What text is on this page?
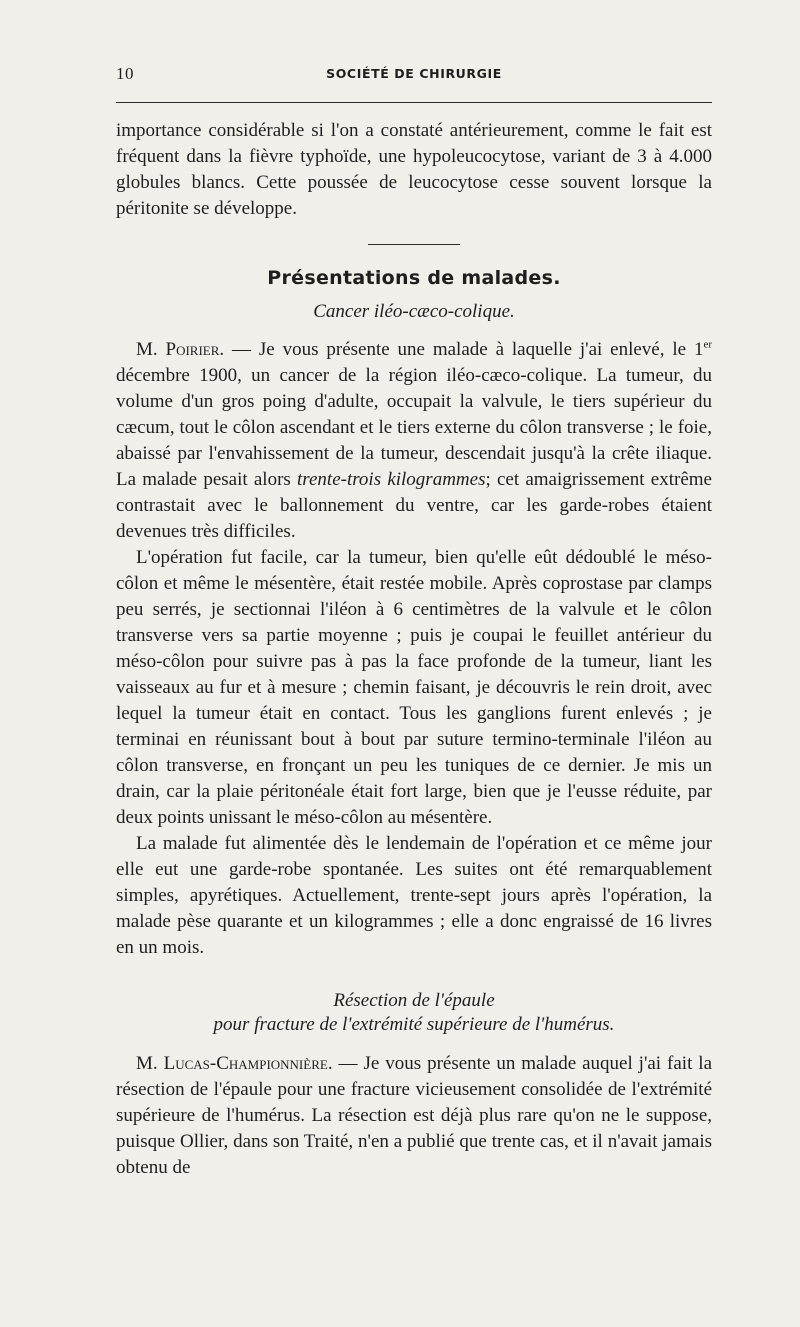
10	SOCIÉTÉ DE CHIRURGIE

importance considérable si l'on a constaté antérieurement, comme le fait est fréquent dans la fièvre typhoïde, une hypoleucocytose, variant de 3 à 4.000 globules blancs. Cette poussée de leucocytose cesse souvent lorsque la péritonite se développe.

Présentations de malades.
Cancer iléo-cæco-colique.

M. Poirier. — Je vous présente une malade à laquelle j'ai enlevé, le 1er décembre 1900, un cancer de la région iléo-cæco-colique. La tumeur, du volume d'un gros poing d'adulte, occupait la valvule, le tiers supérieur du cæcum, tout le côlon ascendant et le tiers externe du côlon transverse ; le foie, abaissé par l'envahissement de la tumeur, descendait jusqu'à la crête iliaque. La malade pesait alors trente-trois kilogrammes; cet amaigrissement extrême contrastait avec le ballonnement du ventre, car les garde-robes étaient devenues très difficiles.

L'opération fut facile, car la tumeur, bien qu'elle eût dédoublé le méso-côlon et même le mésentère, était restée mobile. Après coprostase par clamps peu serrés, je sectionnai l'iléon à 6 centimètres de la valvule et le côlon transverse vers sa partie moyenne ; puis je coupai le feuillet antérieur du méso-côlon pour suivre pas à pas la face profonde de la tumeur, liant les vaisseaux au fur et à mesure ; chemin faisant, je découvris le rein droit, avec lequel la tumeur était en contact. Tous les ganglions furent enlevés ; je terminai en réunissant bout à bout par suture termino-terminale l'iléon au côlon transverse, en fronçant un peu les tuniques de ce dernier. Je mis un drain, car la plaie péritonéale était fort large, bien que je l'eusse réduite, par deux points unissant le méso-côlon au mésentère.

La malade fut alimentée dès le lendemain de l'opération et ce même jour elle eut une garde-robe spontanée. Les suites ont été remarquablement simples, apyrétiques. Actuellement, trente-sept jours après l'opération, la malade pèse quarante et un kilogrammes ; elle a donc engraissé de 16 livres en un mois.

Résection de l'épaule
pour fracture de l'extrémité supérieure de l'humérus.

M. Lucas-Championnière. — Je vous présente un malade auquel j'ai fait la résection de l'épaule pour une fracture vicieusement consolidée de l'extrémité supérieure de l'humérus. La résection est déjà plus rare qu'on ne le suppose, puisque Ollier, dans son Traité, n'en a publié que trente cas, et il n'avait jamais obtenu de
